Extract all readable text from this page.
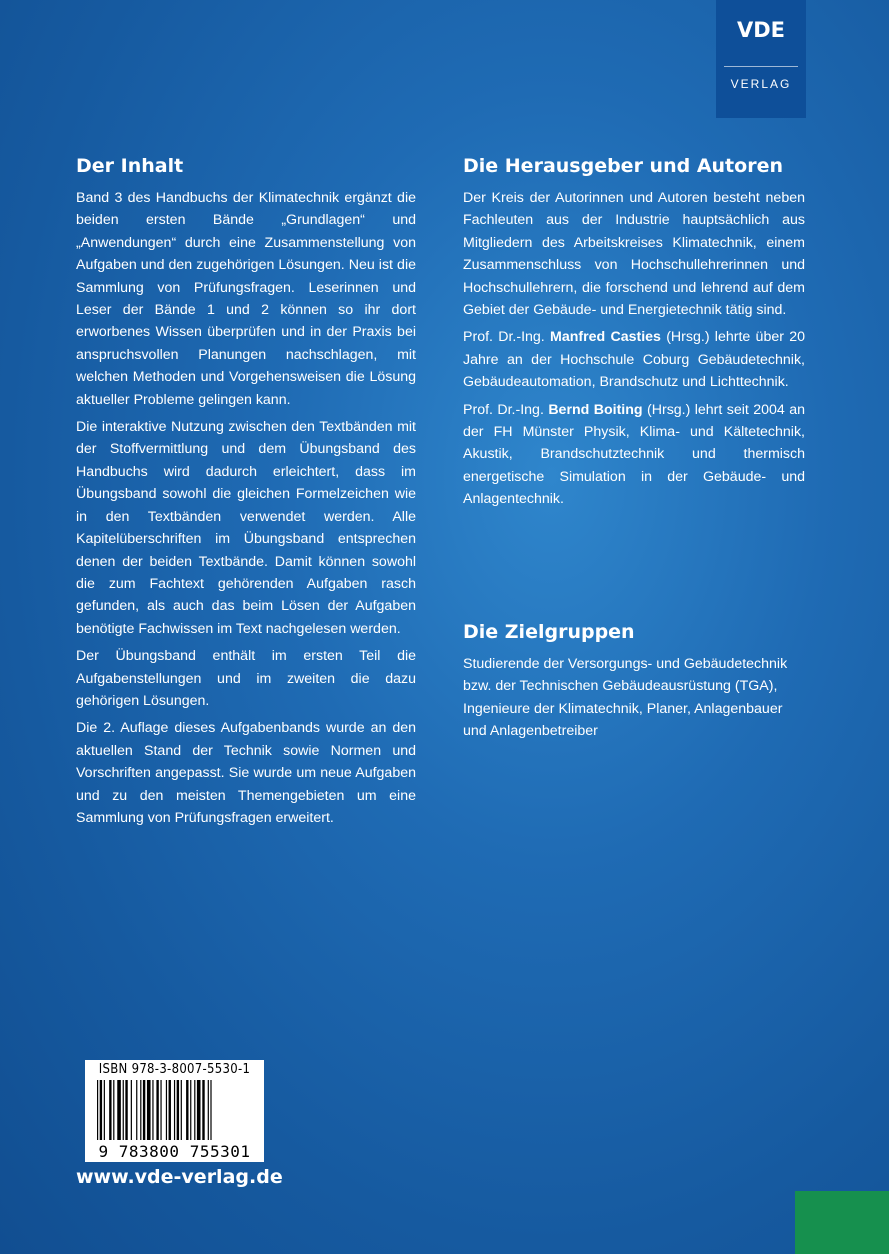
VDE
VERLAG
Der Inhalt

Band 3 des Handbuchs der Klimatechnik ergänzt die beiden ersten Bände „Grundlagen“ und „Anwendungen“ durch eine Zusammenstellung von Aufgaben und den zugehörigen Lösungen. Neu ist die Sammlung von Prüfungsfragen. Leserinnen und Leser der Bände 1 und 2 können so ihr dort erworbenes Wissen überprüfen und in der Praxis bei anspruchsvollen Planungen nachschlagen, mit welchen Methoden und Vorgehensweisen die Lösung aktueller Probleme gelingen kann.

Die interaktive Nutzung zwischen den Textbänden mit der Stoffvermittlung und dem Übungsband des Handbuchs wird dadurch erleichtert, dass im Übungsband sowohl die gleichen Formelzeichen wie in den Textbänden verwendet werden. Alle Kapitelüberschriften im Übungsband entsprechen denen der beiden Textbände. Damit können sowohl die zum Fachtext gehörenden Aufgaben rasch gefunden, als auch das beim Lösen der Aufgaben benötigte Fachwissen im Text nachgelesen werden.

Der Übungsband enthält im ersten Teil die Aufgabenstellungen und im zweiten die dazu gehörigen Lösungen.

Die 2. Auflage dieses Aufgabenbands wurde an den aktuellen Stand der Technik sowie Normen und Vorschriften angepasst. Sie wurde um neue Aufgaben und zu den meisten Themengebieten um eine Sammlung von Prüfungsfragen erweitert.

Die Herausgeber und Autoren

Der Kreis der Autorinnen und Autoren besteht neben Fachleuten aus der Industrie hauptsächlich aus Mitgliedern des Arbeitskreises Klimatechnik, einem Zusammenschluss von Hochschullehrerinnen und Hochschullehrern, die forschend und lehrend auf dem Gebiet der Gebäude- und Energietechnik tätig sind.

Prof. Dr.-Ing. Manfred Casties (Hrsg.) lehrte über 20 Jahre an der Hochschule Coburg Gebäudetechnik, Gebäudeautomation, Brandschutz und Lichttechnik.

Prof. Dr.-Ing. Bernd Boiting (Hrsg.) lehrt seit 2004 an der FH Münster Physik, Klima- und Kältetechnik, Akustik, Brandschutztechnik und thermisch energetische Simulation in der Gebäude- und Anlagentechnik.

Die Zielgruppen

Studierende der Versorgungs- und Gebäudetechnik bzw. der Technischen Gebäudeausrüstung (TGA), Ingenieure der Klimatechnik, Planer, Anlagenbauer und Anlagenbetreiber

ISBN 978-3-8007-5530-1
9 783800 755301
www.vde-verlag.de
